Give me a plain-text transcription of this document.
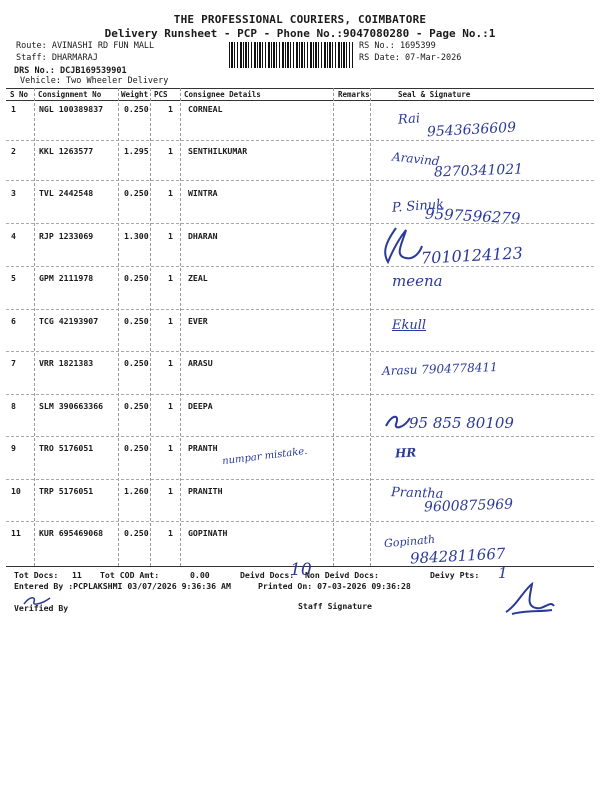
THE PROFESSIONAL COURIERS, COIMBATORE
Delivery Runsheet - PCP - Phone No.:9047080280 - Page No.:1
Route: AVINASHI RD FUN MALL
Staff: DHARMARAJ
DRS No.: DCJB169539901
Vehicle: Two Wheeler Delivery
RS No.: 1695399
RS Date: 07-Mar-2026
S No Consignment No	Weight PCS Consignee Details	Remarks	Seal & Signature
1	NGL 100389837	0.250 1 CORNEAL
2	KKL 1263577	1.295 1 SENTHILKUMAR
3	TVL 2442548	0.250 1 WINTRA
4	RJP 1233069	1.300 1 DHARAN
5	GPM 2111978	0.250 1 ZEAL
6	TCG 42193907	0.250 1 EVER
7	VRR 1821383	0.250 1 ARASU
8	SLM 390663366	0.250 1 DEEPA
9	TRO 5176051	0.250 1 PRANTH
10 TRP 5176051	1.260 1 PRANITH
11 KUR 695469068	0.250 1 GOPINATH
Rai
9543636609
Aravind
8270341021
P. Sinuk
9597596279
7010124123
meena
Ekull
Arasu 7904778411
95 855 80109
HR
numpar mistake.
Prantha
9600875969
Gopinath
9842811667
Tot Docs: 11 Tot COD Amt:	0.00	Deivd Docs:
10
Non Deivd Docs:	Deivy Pts: 1
Entered By :PCPLAKSHMI 03/07/2026 9:36:36 AM	Printed On: 07-03-2026 09:36:28
Verified By	Staff Signature
